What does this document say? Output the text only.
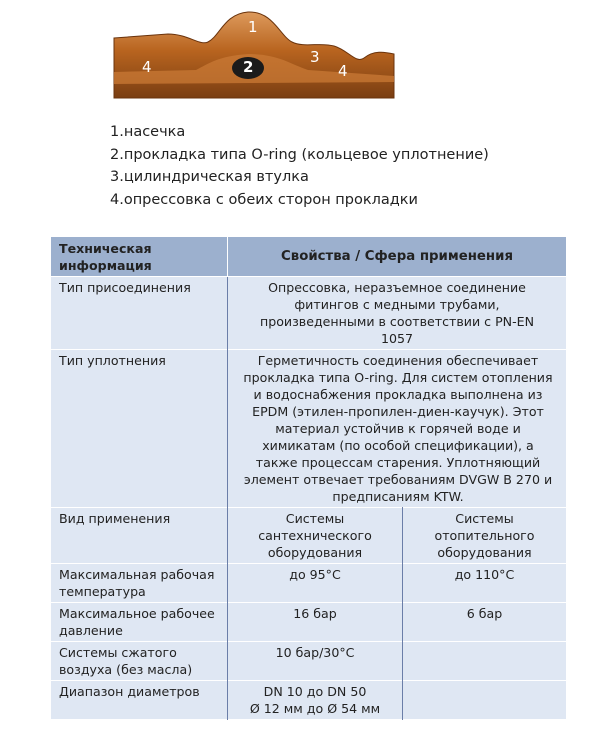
1
2
3
4	4
1.насечка
2.прокладка типа O-ring (кольцевое уплотнение)
3.цилиндрическая втулка
4.опрессовка с обеих сторон прокладки
Техническая информация	Свойства / Сфера применения	
Тип присоединения	Опрессовка, неразъемное соединение фитингов с медными трубами, произведенными в соответствии с PN-EN 1057	
Тип уплотнения	Герметичность соединения обеспечивает прокладка типа O-ring. Для систем отопления и водоснабжения прокладка выполнена из EPDM (этилен-пропилен-диен-каучук). Этот материал устойчив к горячей воде и химикатам (по особой спецификации), а также процессам старения. Уплотняющий элемент отвечает требованиям DVGW В 270 и предписаниям KTW.	
Вид применения	Системы сантехнического оборудования	Системы отопительного оборудования
Максимальная рабочая температура	до 95°С	до 110°С
Максимальное рабочее давление	16 бар	6 бар
Системы сжатого воздуха (без масла)	10 бар/30°С	
Диапазон диаметров	DN 10 до DN 50
Ø 12 мм до Ø 54 мм	
